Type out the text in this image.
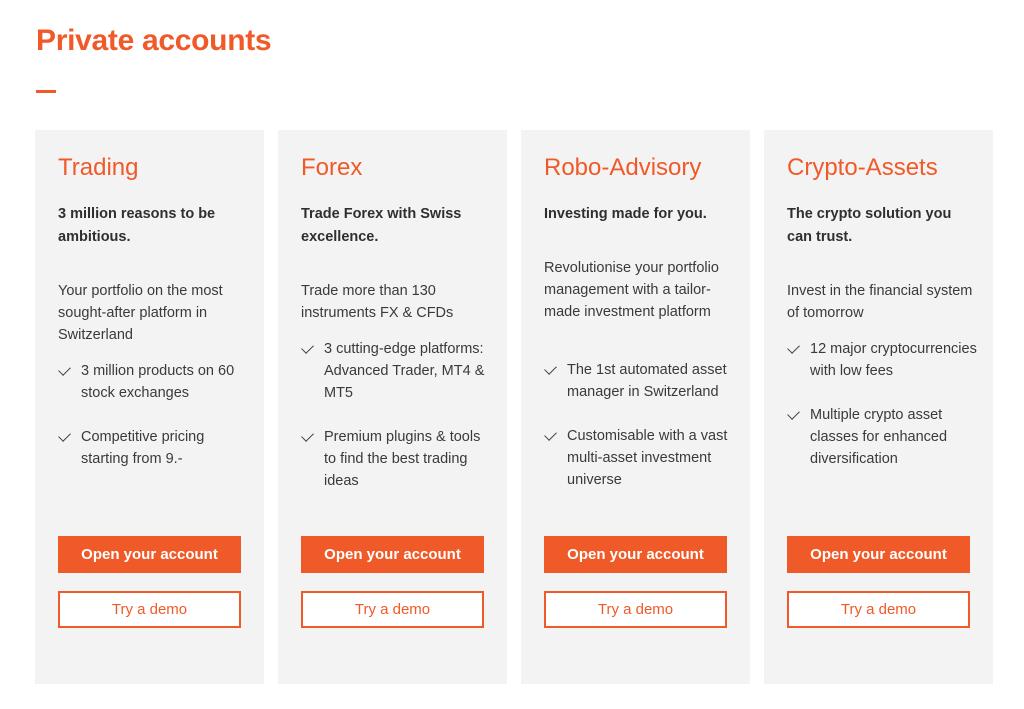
Private accounts
Trading

3 million reasons to be ambitious.

Your portfolio on the most sought-after platform in Switzerland

3 million products on 60 stock exchanges
Competitive pricing starting from 9.-
Open your account
Try a demo
Forex

Trade Forex with Swiss excellence.

Trade more than 130 instruments FX & CFDs

3 cutting-edge platforms: Advanced Trader, MT4 & MT5
Premium plugins & tools to find the best trading ideas
Open your account
Try a demo
Robo-Advisory

Investing made for you.

Revolutionise your portfolio management with a tailor-made investment platform

The 1st automated asset manager in Switzerland
Customisable with a vast multi-asset investment universe
Open your account
Try a demo
Crypto-Assets

The crypto solution you can trust.

Invest in the financial system of tomorrow

12 major cryptocurrencies with low fees
Multiple crypto asset classes for enhanced diversification
Open your account
Try a demo
